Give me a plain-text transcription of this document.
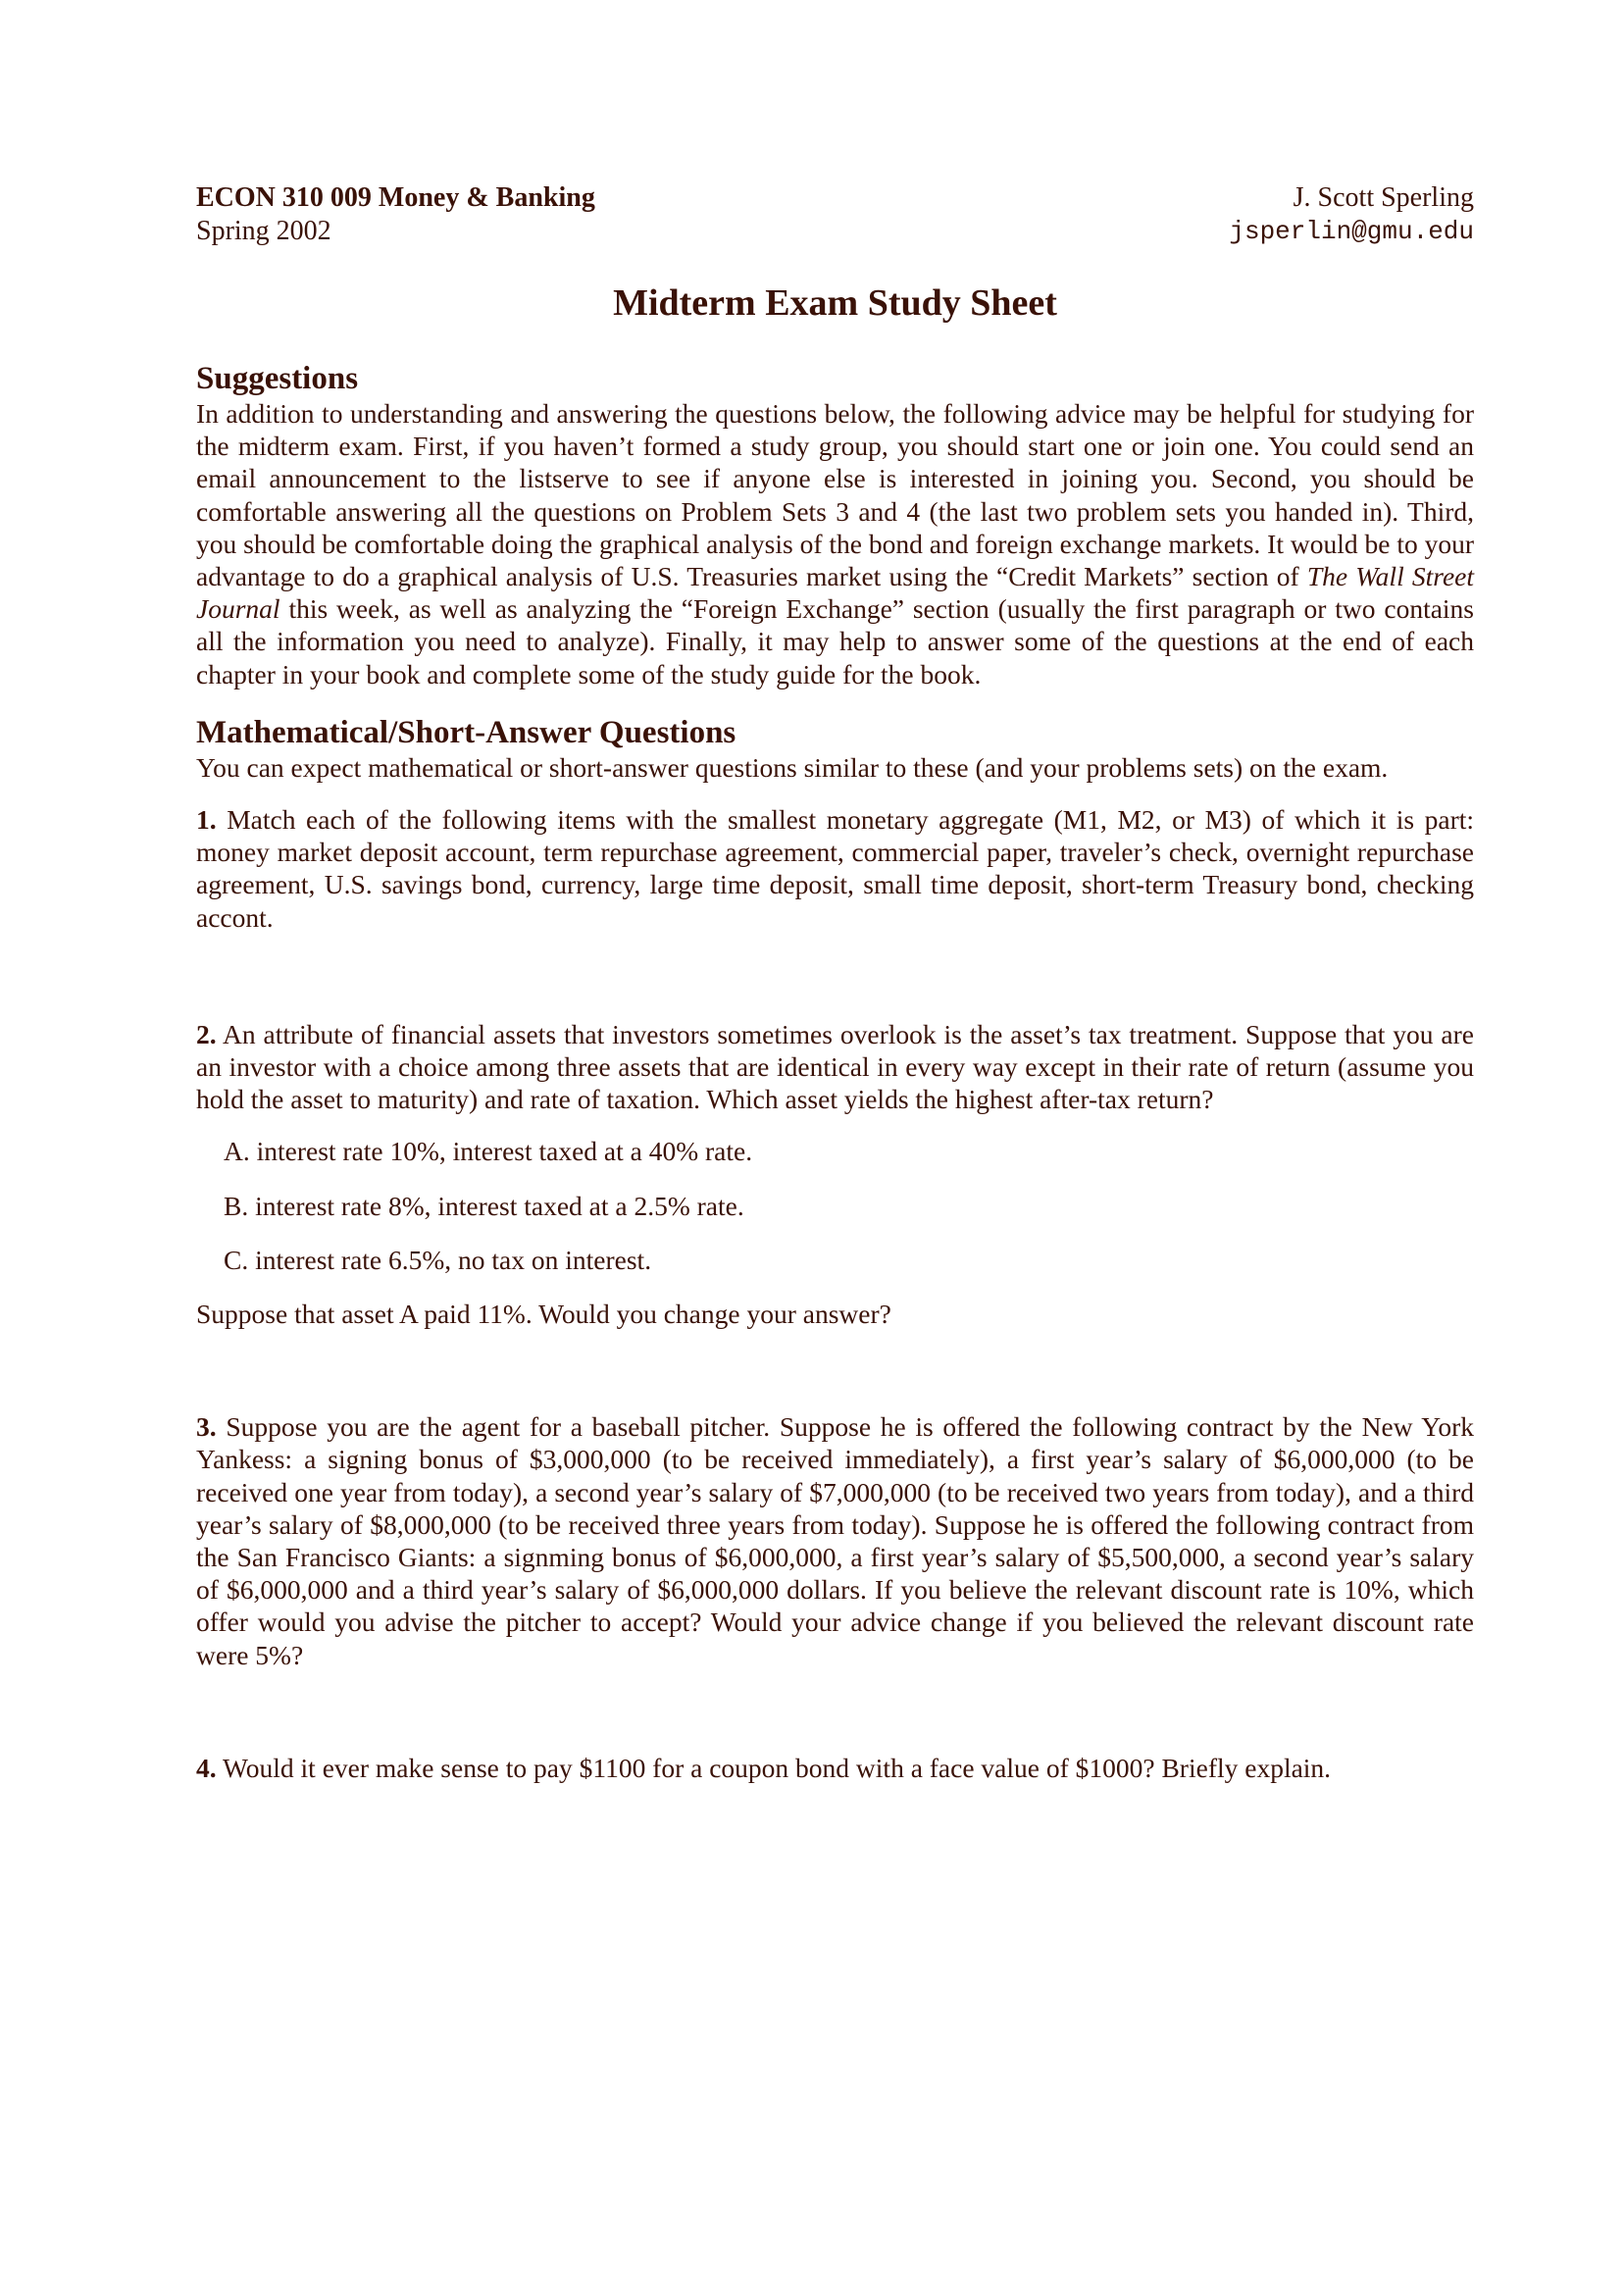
ECON 310 009 Money & Banking
Spring 2002
J. Scott Sperling
jsperlin@gmu.edu
Midterm Exam Study Sheet
Suggestions

In addition to understanding and answering the questions below, the following advice may be helpful for studying for the midterm exam. First, if you haven’t formed a study group, you should start one or join one. You could send an email announcement to the listserve to see if anyone else is interested in joining you. Second, you should be comfortable answering all the questions on Problem Sets 3 and 4 (the last two problem sets you handed in). Third, you should be comfortable doing the graphical analysis of the bond and foreign exchange markets. It would be to your advantage to do a graphical analysis of U.S. Treasuries market using the “Credit Markets” section of The Wall Street Journal this week, as well as analyzing the “Foreign Exchange” section (usually the first paragraph or two contains all the information you need to analyze). Finally, it may help to answer some of the questions at the end of each chapter in your book and complete some of the study guide for the book.

Mathematical/Short-Answer Questions

You can expect mathematical or short-answer questions similar to these (and your problems sets) on the exam.

1. Match each of the following items with the smallest monetary aggregate (M1, M2, or M3) of which it is part: money market deposit account, term repurchase agreement, commercial paper, traveler’s check, overnight repurchase agreement, U.S. savings bond, currency, large time deposit, small time deposit, short-term Treasury bond, checking accont.

2. An attribute of financial assets that investors sometimes overlook is the asset’s tax treatment. Suppose that you are an investor with a choice among three assets that are identical in every way except in their rate of return (assume you hold the asset to maturity) and rate of taxation. Which asset yields the highest after-tax return?

A. interest rate 10%, interest taxed at a 40% rate.
B. interest rate 8%, interest taxed at a 2.5% rate.
C. interest rate 6.5%, no tax on interest.

Suppose that asset A paid 11%. Would you change your answer?

3. Suppose you are the agent for a baseball pitcher. Suppose he is offered the following contract by the New York Yankess: a signing bonus of $3,000,000 (to be received immediately), a first year’s salary of $6,000,000 (to be received one year from today), a second year’s salary of $7,000,000 (to be received two years from today), and a third year’s salary of $8,000,000 (to be received three years from today). Suppose he is offered the following contract from the San Francisco Giants: a signming bonus of $6,000,000, a first year’s salary of $5,500,000, a second year’s salary of $6,000,000 and a third year’s salary of $6,000,000 dollars. If you believe the relevant discount rate is 10%, which offer would you advise the pitcher to accept? Would your advice change if you believed the relevant discount rate were 5%?

4. Would it ever make sense to pay $1100 for a coupon bond with a face value of $1000? Briefly explain.
